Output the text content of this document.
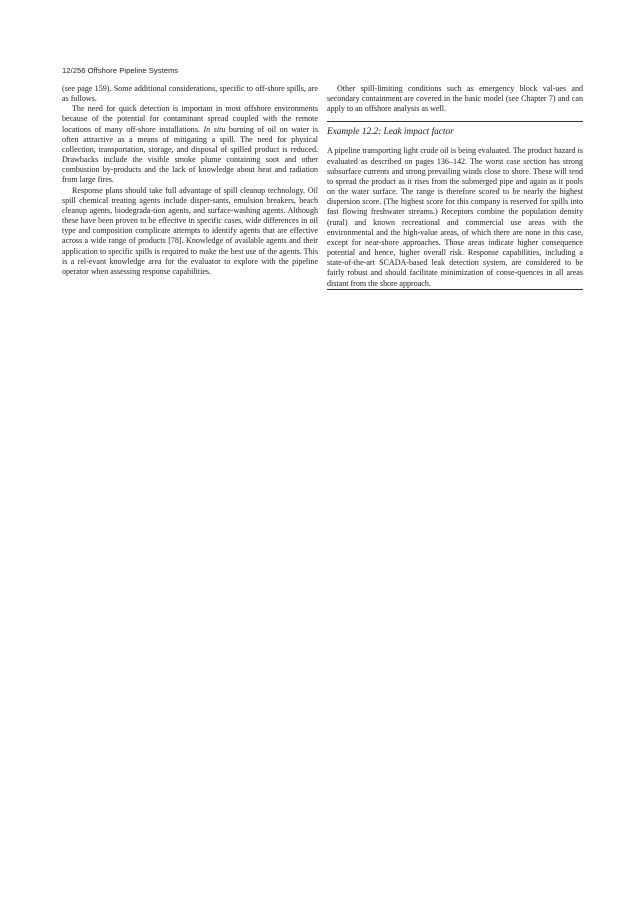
12/256 Offshore Pipeline Systems

(see page 159). Some additional considerations, specific to off-shore spills, are as follows.

The need for quick detection is important in most offshore environments because of the potential for contaminant spread coupled with the remote locations of many off-shore installations. In situ burning of oil on water is often attractive as a means of mitigating a spill. The need for physical collection, transportation, storage, and disposal of spilled product is reduced. Drawbacks include the visible smoke plume containing soot and other combustion by-products and the lack of knowledge about heat and radiation from large fires.

Response plans should take full advantage of spill cleanup technology. Oil spill chemical treating agents include disper-sants, emulsion breakers, beach cleanup agents, biodegrada-tion agents, and surface-washing agents. Although these have been proven to be effective in specific cases, wide differences in oil type and composition complicate attempts to identify agents that are effective across a wide range of products [78]. Knowledge of available agents and their application to specific spills is required to make the best use of the agents. This is a rel-evant knowledge area for the evaluator to explore with the pipeline operator when assessing response capabilities.

Other spill-limiting conditions such as emergency block val-ues and secondary containment are covered in the basic model (see Chapter 7) and can apply to an offshore analysis as well.

Example 12.2: Leak impact factor

A pipeline transporting light crude oil is being evaluated. The product hazard is evaluated as described on pages 136–142. The worst case section has strong subsurface currents and strong prevailing winds close to shore. These will tend to spread the product as it rises from the submerged pipe and again as it pools on the water surface. The range is therefore scored to be nearly the highest dispersion score. (The highest score for this company is reserved for spills into fast flowing freshwater streams.) Receptors combine the population density (rural) and known recreational and commercial use areas with the environmental and the high-value areas, of which there are none in this case, except for near-shore approaches. Those areas indicate higher consequence potential and hence, higher overall risk. Response capabilities, including a state-of-the-art SCADA-based leak detection system, are considered to be fairly robust and should facilitate minimization of conse-quences in all areas distant from the shore approach.
